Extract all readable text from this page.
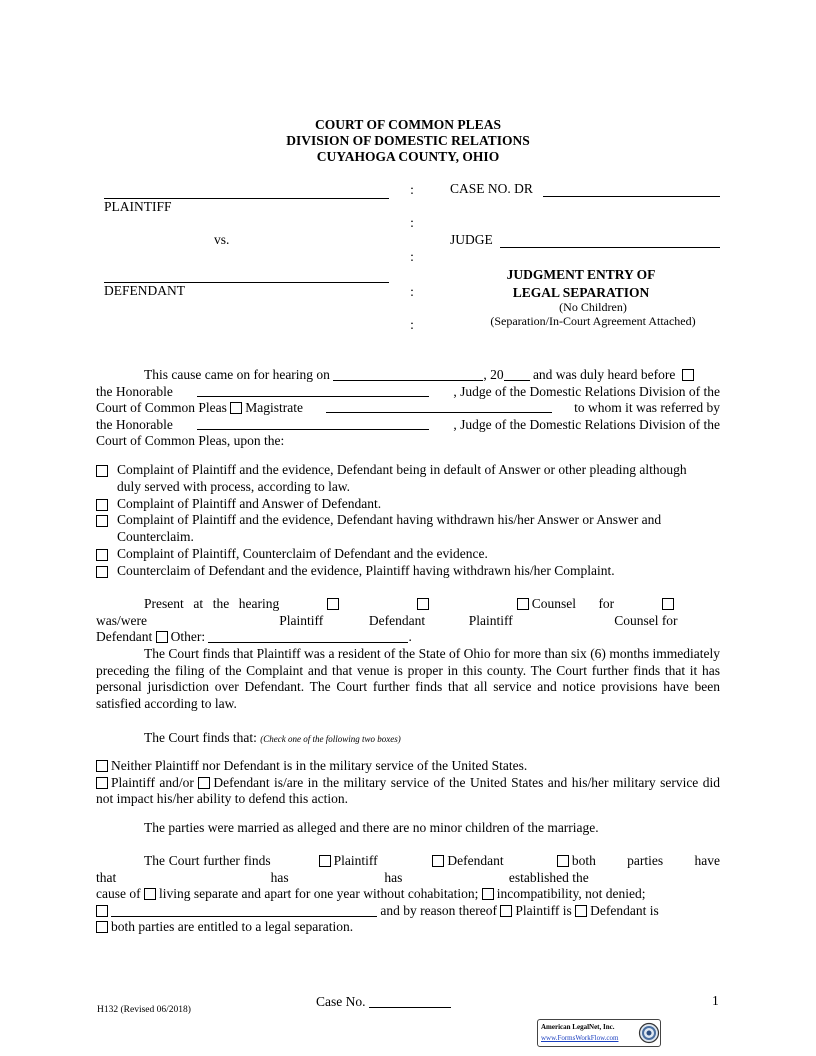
COURT OF COMMON PLEAS
DIVISION OF DOMESTIC RELATIONS
CUYAHOGA COUNTY, OHIO
PLAINTIFF
vs.
DEFENDANT
:
:
:
:
:
CASE NO. DR
JUDGE
JUDGMENT ENTRY OF
LEGAL SEPARATION
(No Children)
(Separation/In-Court Agreement Attached)
This cause came on for hearing on	, 20 and was duly heard before
the Honorable	, Judge of the Domestic Relations Division of the
Court of Common Pleas Magistrate	to whom it was referred by
the Honorable	, Judge of the Domestic Relations Division of the
Court of Common Pleas, upon the:
Complaint of Plaintiff and the evidence, Defendant being in default of Answer or other pleading although duly served with process, according to law.
Complaint of Plaintiff and Answer of Defendant.
Complaint of Plaintiff and the evidence, Defendant having withdrawn his/her Answer or Answer and Counterclaim.
Complaint of Plaintiff, Counterclaim of Defendant and the evidence.
Counterclaim of Defendant and the evidence, Plaintiff having withdrawn his/her Complaint.
Present at the hearing was/were	Plaintiff	Defendant
Counsel for Plaintiff	Counsel for
Defendant Other:	.
The Court finds that Plaintiff was a resident of the State of Ohio for more than six (6) months immediately preceding the filing of the Complaint and that venue is proper in this county. The Court further finds that it has personal jurisdiction over Defendant. The Court further finds that all service and notice provisions have been satisfied according to law.
The Court finds that: (Check one of the following two boxes)
Neither Plaintiff nor Defendant is in the military service of the United States.
Plaintiff and/or Defendant is/are in the military service of the United States and his/her military service did not impact his/her ability to defend this action.
The parties were married as alleged and there are no minor children of the marriage.
The Court further finds that
Plaintiff has
Defendant has
both parties have established the
cause of living separate and apart for one year without cohabitation; incompatibility, not denied;
and by reason thereof Plaintiff is Defendant is
both parties are entitled to a legal separation.
Case No.	1
H132 (Revised 06/2018)
American LegalNet, Inc.
www.FormsWorkFlow.com
